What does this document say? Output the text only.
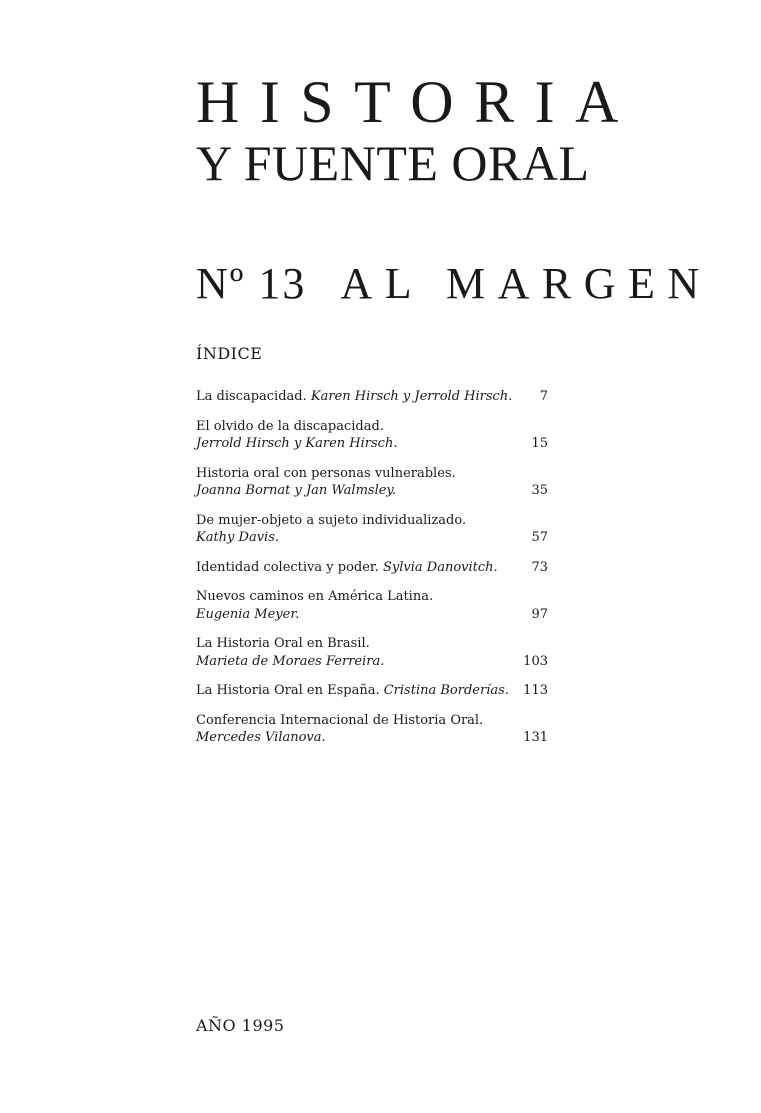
HISTORIA
Y FUENTE ORAL
Nº 13 AL MARGEN
ÍNDICE
La discapacidad. Karen Hirsch y Jerrold Hirsch.	7
El olvido de la discapacidad.
Jerrold Hirsch y Karen Hirsch.	15
Historia oral con personas vulnerables.
Joanna Bornat y Jan Walmsley.	35
De mujer-objeto a sujeto individualizado.
Kathy Davis.	57
Identidad colectiva y poder. Sylvia Danovitch.	73
Nuevos caminos en América Latina.
Eugenia Meyer.	97
La Historia Oral en Brasil.
Marieta de Moraes Ferreira.	103
La Historia Oral en España. Cristina Borderías.	113
Conferencia Internacional de Historia Oral.
Mercedes Vilanova.	131
AÑO 1995
